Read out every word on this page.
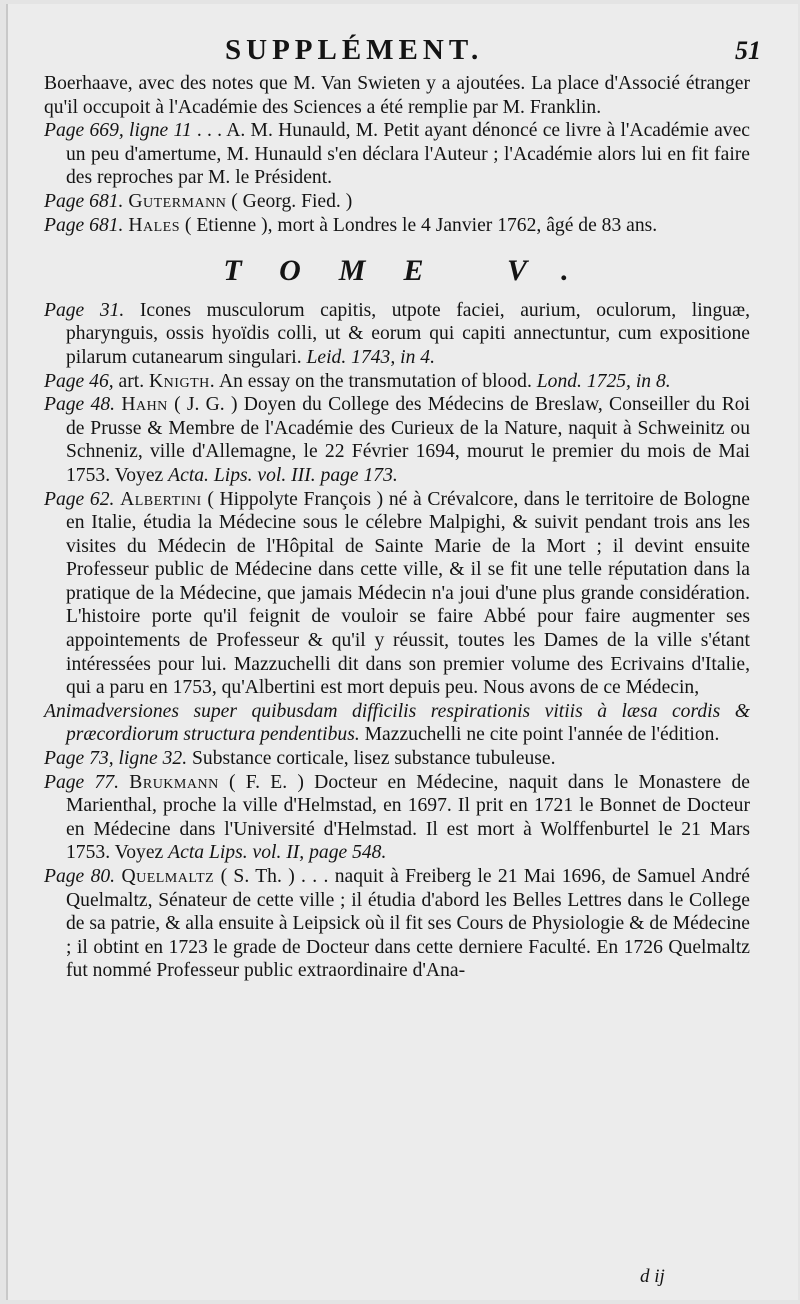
SUPPLÉMENT.	51

Boerhaave, avec des notes que M. Van Swieten y a ajoutées. La place d'Associé étranger qu'il occupoit à l'Académie des Sciences a été remplie par M. Franklin.

Page 669, ligne 11 . . . A. M. Hunauld, M. Petit ayant dénoncé ce livre à l'Académie avec un peu d'amertume, M. Hunauld s'en déclara l'Auteur ; l'Académie alors lui en fit faire des reproches par M. le Président.

Page 681. Gutermann ( Georg. Fied. )

Page 681. Hales ( Etienne ), mort à Londres le 4 Janvier 1762, âgé de 83 ans.

TOME V.

Page 31. Icones musculorum capitis, utpote faciei, aurium, oculorum, linguæ, pharynguis, ossis hyoïdis colli, ut & eorum qui capiti annectuntur, cum expositione pilarum cutanearum singulari. Leid. 1743, in 4.

Page 46, art. Knigth. An essay on the transmutation of blood. Lond. 1725, in 8.

Page 48. Hahn ( J. G. ) Doyen du College des Médecins de Breslaw, Conseiller du Roi de Prusse & Membre de l'Académie des Curieux de la Nature, naquit à Schweinitz ou Schneniz, ville d'Allemagne, le 22 Février 1694, mourut le premier du mois de Mai 1753. Voyez Acta. Lips. vol. III. page 173.

Page 62. Albertini ( Hippolyte François ) né à Crévalcore, dans le territoire de Bologne en Italie, étudia la Médecine sous le célebre Malpighi, & suivit pendant trois ans les visites du Médecin de l'Hôpital de Sainte Marie de la Mort ; il devint ensuite Professeur public de Médecine dans cette ville, & il se fit une telle réputation dans la pratique de la Médecine, que jamais Médecin n'a joui d'une plus grande considération. L'histoire porte qu'il feignit de vouloir se faire Abbé pour faire augmenter ses appointements de Professeur & qu'il y réussit, toutes les Dames de la ville s'étant intéressées pour lui. Mazzuchelli dit dans son premier volume des Ecrivains d'Italie, qui a paru en 1753, qu'Albertini est mort depuis peu. Nous avons de ce Médecin,

Animadversiones super quibusdam difficilis respirationis vitiis à læsa cordis & præcordiorum structura pendentibus. Mazzuchelli ne cite point l'année de l'édition.

Page 73, ligne 32. Substance corticale, lisez substance tubuleuse.

Page 77. Brukmann ( F. E. ) Docteur en Médecine, naquit dans le Monastere de Marienthal, proche la ville d'Helmstad, en 1697. Il prit en 1721 le Bonnet de Docteur en Médecine dans l'Université d'Helmstad. Il est mort à Wolffenburtel le 21 Mars 1753. Voyez Acta Lips. vol. II, page 548.

Page 80. Quelmaltz ( S. Th. ) . . . naquit à Freiberg le 21 Mai 1696, de Samuel André Quelmaltz, Sénateur de cette ville ; il étudia d'abord les Belles Lettres dans le College de sa patrie, & alla ensuite à Leipsick où il fit ses Cours de Physiologie & de Médecine ; il obtint en 1723 le grade de Docteur dans cette derniere Faculté. En 1726 Quelmaltz fut nommé Professeur public extraordinaire d'Ana-

d ij
